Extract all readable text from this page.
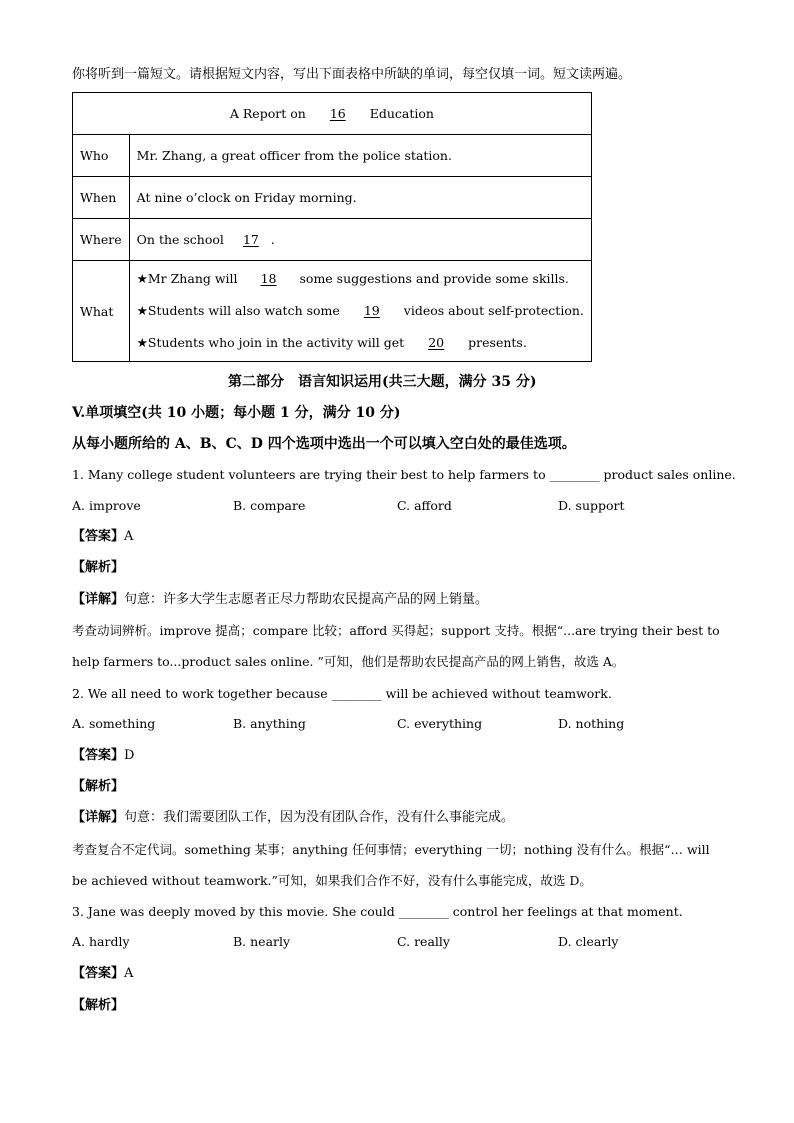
你将听到一篇短文。请根据短文内容，写出下面表格中所缺的单词，每空仅填一词。短文读两遍。
A Report on 16 Education	
Who	Mr. Zhang, a great officer from the police station.
When	At nine o’clock on Friday morning.
Where	On the school 17 .
What	★Mr Zhang will 18 some suggestions and provide some skills.
★Students will also watch some 19 videos about self-protection.
★Students who join in the activity will get 20 presents.
第二部分　语言知识运用(共三大题，满分 35 分)
V.单项填空(共 10 小题；每小题 1 分，满分 10 分)
从每小题所给的 A、B、C、D 四个选项中选出一个可以填入空白处的最佳选项。
1. Many college student volunteers are trying their best to help farmers to ________ product sales online.
A. improve	B. compare	C. afford	D. support
【答案】A
【解析】
【详解】句意：许多大学生志愿者正尽力帮助农民提高产品的网上销量。
考查动词辨析。improve 提高；compare 比较；afford 买得起；support 支持。根据“...are trying their best to
help farmers to...product sales online. ”可知，他们是帮助农民提高产品的网上销售，故选 A。
2. We all need to work together because ________ will be achieved without teamwork.
A. something	B. anything	C. everything	D. nothing
【答案】D
【解析】
【详解】句意：我们需要团队工作，因为没有团队合作，没有什么事能完成。
考查复合不定代词。something 某事；anything 任何事情；everything 一切；nothing 没有什么。根据“… will
be achieved without teamwork.”可知，如果我们合作不好，没有什么事能完成，故选 D。
3. Jane was deeply moved by this movie. She could ________ control her feelings at that moment.
A. hardly	B. nearly	C. really	D. clearly
【答案】A
【解析】
